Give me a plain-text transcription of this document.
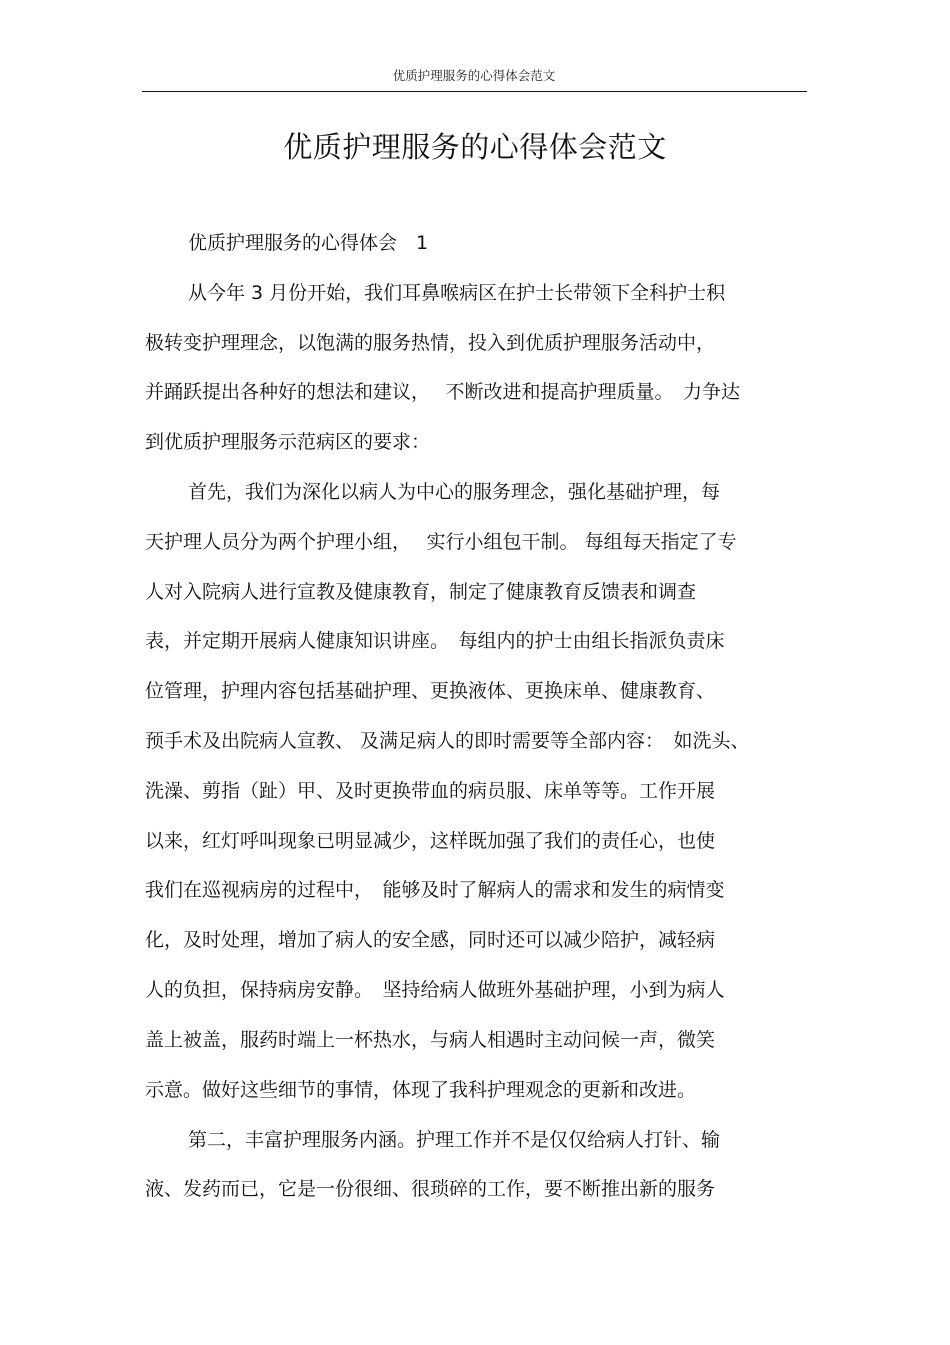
优质护理服务的心得体会范文
优质护理服务的心得体会范文
优质护理服务的心得体会　1
从今年 3 月份开始，我们耳鼻喉病区在护士长带领下全科护士积
极转变护理理念，以饱满的服务热情，投入到优质护理服务活动中，
并踊跃提出各种好的想法和建议，　 不断改进和提高护理质量。　力争达
到优质护理服务示范病区的要求：
首先，我们为深化以病人为中心的服务理念，强化基础护理，每
天护理人员分为两个护理小组，　 实行小组包干制。 每组每天指定了专
人对入院病人进行宣教及健康教育，制定了健康教育反馈表和调查
表，并定期开展病人健康知识讲座。　每组内的护士由组长指派负责床
位管理，护理内容包括基础护理、更换液体、更换床单、健康教育、
预手术及出院病人宣教、 及满足病人的即时需要等全部内容：　如洗头、
洗澡、剪指（趾）甲、及时更换带血的病员服、床单等等。工作开展
以来，红灯呼叫现象已明显减少，这样既加强了我们的责任心，也使
我们在巡视病房的过程中，　能够及时了解病人的需求和发生的病情变
化，及时处理，增加了病人的安全感，同时还可以减少陪护，减轻病
人的负担，保持病房安静。　坚持给病人做班外基础护理，小到为病人
盖上被盖，服药时端上一杯热水，与病人相遇时主动问候一声，微笑
示意。做好这些细节的事情，体现了我科护理观念的更新和改进。
第二，丰富护理服务内涵。护理工作并不是仅仅给病人打针、输
液、发药而已，它是一份很细、很琐碎的工作，要不断推出新的服务
